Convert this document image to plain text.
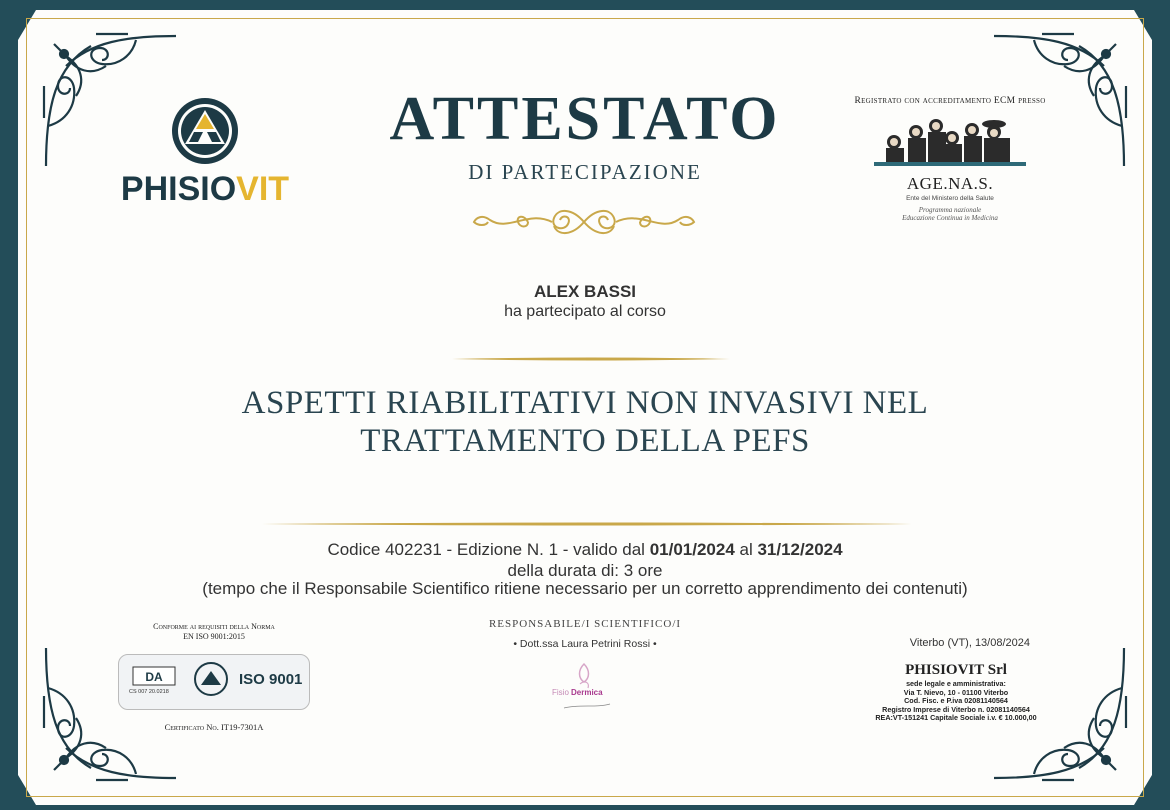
PHISIOVIT
ATTESTATO
DI PARTECIPAZIONE
Registrato con accreditamento ECM presso
AGE.NA.S.
Ente del Ministero della Salute
Programma nazionale
Educazione Continua in Medicina
ALEX BASSI
ha partecipato al corso
ASPETTI RIABILITATIVI NON INVASIVI NEL
TRATTAMENTO DELLA PEFS
Codice 402231 - Edizione N. 1 - valido dal 01/01/2024 al 31/12/2024
della durata di: 3 ore
(tempo che il Responsabile Scientifico ritiene necessario per un corretto apprendimento dei contenuti)
Conforme ai requisiti della Norma
EN ISO 9001:2015
DA
CS 007 20.0218
ISO 9001
Certificato No. IT19-7301A
RESPONSABILE/I SCIENTIFICO/I
• Dott.ssa Laura Petrini Rossi •
Fisio Dermica
Viterbo (VT), 13/08/2024
PHISIOVIT Srl
sede legale e amministrativa:
Via T. Nievo, 10 - 01100 Viterbo
Cod. Fisc. e P.iva 02081140564
Registro Imprese di Viterbo n. 02081140564
REA:VT-151241 Capitale Sociale i.v. € 10.000,00
